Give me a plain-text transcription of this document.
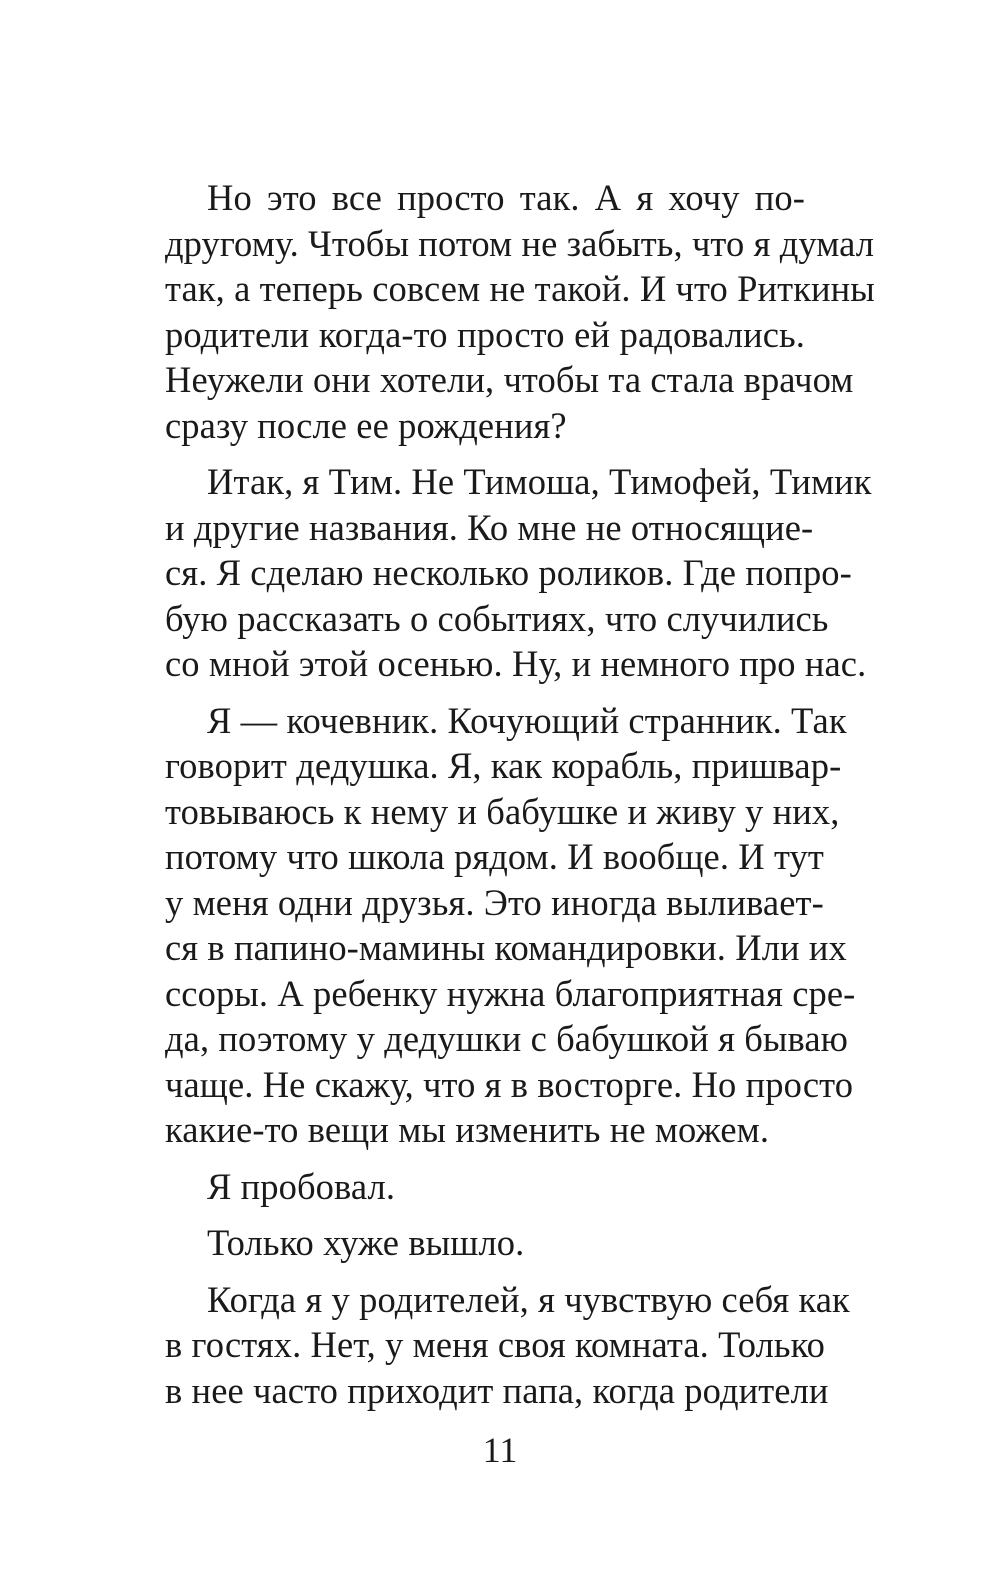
Но это все просто так. А я хочу по-
другому. Чтобы потом не забыть, что я думал
так, а теперь совсем не такой. И что Риткины
родители когда-то просто ей радовались.
Неужели они хотели, чтобы та стала врачом
сразу после ее рождения?

Итак, я Тим. Не Тимоша, Тимофей, Тимик
и другие названия. Ко мне не относящие-
ся. Я сделаю несколько роликов. Где попро-
бую рассказать о событиях, что случились
со мной этой осенью. Ну, и немного про нас.

Я — кочевник. Кочующий странник. Так
говорит дедушка. Я, как корабль, пришвар-
товываюсь к нему и бабушке и живу у них,
потому что школа рядом. И вообще. И тут
у меня одни друзья. Это иногда выливает-
ся в папино-мамины командировки. Или их
ссоры. А ребенку нужна благоприятная сре-
да, поэтому у дедушки с бабушкой я бываю
чаще. Не скажу, что я в восторге. Но просто
какие-то вещи мы изменить не можем.

Я пробовал.

Только хуже вышло.

Когда я у родителей, я чувствую себя как
в гостях. Нет, у меня своя комната. Только
в нее часто приходит папа, когда родители

11
